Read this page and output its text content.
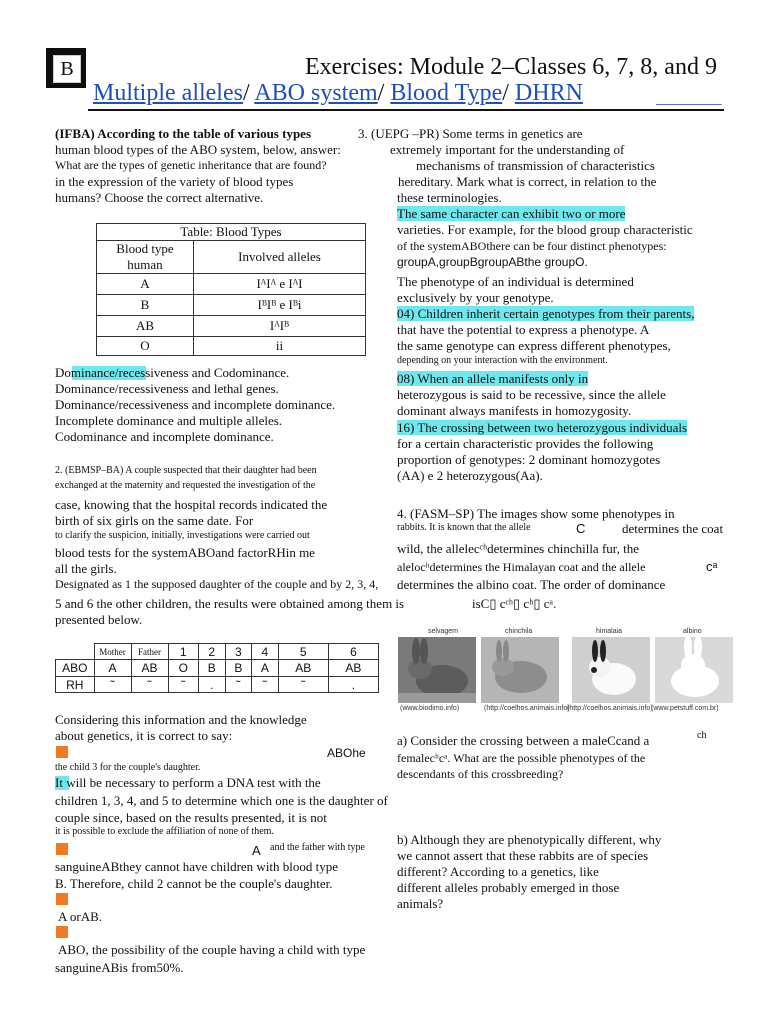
B	Exercises: Module 2–Classes 6, 7, 8, and 9
Multiple alleles/ ABO system/ Blood Type/ DHRN
(IFBA) According to the table of various types
human blood types of the ABO system, below, answer:
What are the types of genetic inheritance that are found?
in the expression of the variety of blood types
humans? Choose the correct alternative.
3. (UEPG –PR) Some terms in genetics are
extremely important for the understanding of
mechanisms of transmission of characteristics
hereditary. Mark what is correct, in relation to the
these terminologies.
The same character can exhibit two or more
varieties. For example, for the blood group characteristic
of the systemABOthere can be four distinct phenotypes:
groupA,groupBgroupABthe groupO.
The phenotype of an individual is determined
exclusively by your genotype.
04) Children inherit certain genotypes from their parents,
that have the potential to express a phenotype. A
the same genotype can express different phenotypes,
depending on your interaction with the environment.
08) When an allele manifests only in
heterozygous is said to be recessive, since the allele
dominant always manifests in homozygosity.
16) The crossing between two heterozygous individuals
for a certain characteristic provides the following
proportion of genotypes: 2 dominant homozygotes
(AA) e 2 heterozygous(Aa).
Table: Blood Types	
Blood type human	Involved alleles
A	IᴬIᴬ e IᴬI
B	IᴮIᴮ e Iᴮi
AB	IᴬIᴮ
O	ii
Dominance/recessiveness and Codominance.
Dominance/recessiveness and lethal genes.
Dominance/recessiveness and incomplete dominance.
Incomplete dominance and multiple alleles.
Codominance and incomplete dominance.
2. (EBMSP–BA) A couple suspected that their daughter had been
exchanged at the maternity and requested the investigation of the
case, knowing that the hospital records indicated the
birth of six girls on the same date. For
to clarify the suspicion, initially, investigations were carried out
blood tests for the systemABOand factorRHin me
all the girls.
Designated as 1 the supposed daughter of the couple and by 2, 3, 4,
5 and 6 the other children, the results were obtained among them is
presented below.
	Mother	Father	1	2	3	4	5	6
ABO	A	AB	O	B	B	A	AB	AB
RH	˜	˜	˜	.	˜	˜	˜	.
Considering this information and the knowledge
about genetics, it is correct to say:
ABOhe
the child 3 for the couple's daughter.
It will be necessary to perform a DNA test with the
children 1, 3, 4, and 5 to determine which one is the daughter of
couple since, based on the results presented, it is not
it is possible to exclude the affiliation of none of them.
A and the father with type
sanguineABthey cannot have children with blood type
B. Therefore, child 2 cannot be the couple's daughter.
A orAB.
ABO, the possibility of the couple having a child with type
sanguineABis from50%.
4. (FASM–SP) The images show some phenotypes in
rabbits. It is known that the allele	C	determines the coat
wild, the allelecᶜʰdetermines chinchilla fur, the
alelocʰdetermines the Himalayan coat and the allele	cᵃ
determines the albino coat. The order of dominance
isC▯ cᶜʰ▯ cʰ▯ cᵃ.
selvagem	chinchila	himalaia	albino
(www.biodimo.info)	(http://coelhos.animais.info)
(http://coelhos.animais.info)
(www.petstuff.com.br)
a) Consider the crossing between a maleCcand a	ch
femalecʰcᵃ. What are the possible phenotypes of the
descendants of this crossbreeding?
b) Although they are phenotypically different, why
we cannot assert that these rabbits are of species
different? According to a genetics, like
different alleles probably emerged in those
animals?
